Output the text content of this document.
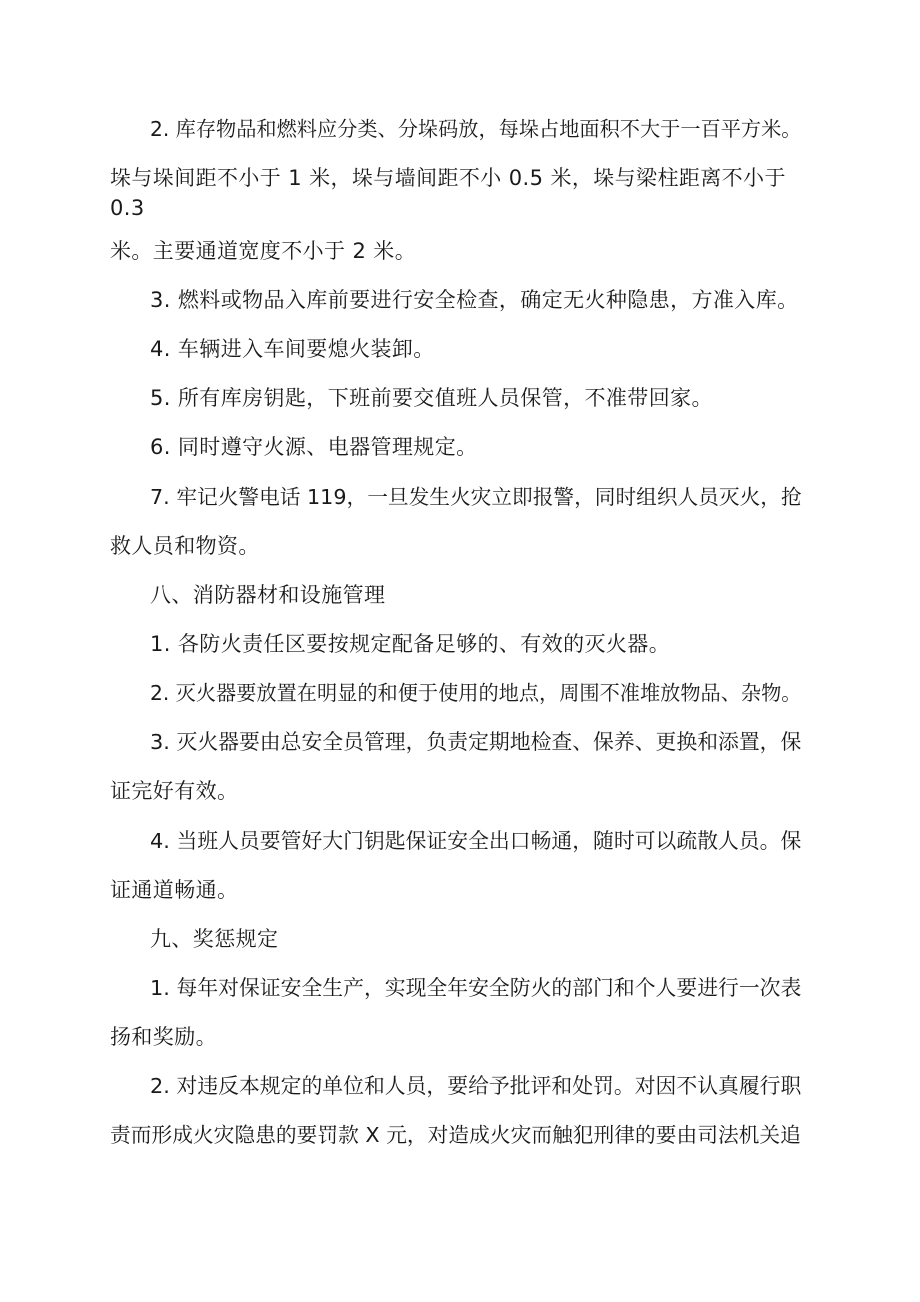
2. 库存物品和燃料应分类、分垛码放，每垛占地面积不大于一百平方米。
垛与垛间距不小于 1 米，垛与墙间距不小 0.5 米，垛与梁柱距离不小于
0.3
米。主要通道宽度不小于 2 米。
3. 燃料或物品入库前要进行安全检查，确定无火种隐患，方准入库。
4. 车辆进入车间要熄火装卸。
5. 所有库房钥匙，下班前要交值班人员保管，不准带回家。
6. 同时遵守火源、电器管理规定。
7. 牢记火警电话 119，一旦发生火灾立即报警，同时组织人员灭火，抢
救人员和物资。
八、消防器材和设施管理
1. 各防火责任区要按规定配备足够的、有效的灭火器。
2. 灭火器要放置在明显的和便于使用的地点，周围不准堆放物品、杂物。
3. 灭火器要由总安全员管理，负责定期地检查、保养、更换和添置，保
证完好有效。
4. 当班人员要管好大门钥匙保证安全出口畅通，随时可以疏散人员。保
证通道畅通。
九、奖惩规定
1. 每年对保证安全生产，实现全年安全防火的部门和个人要进行一次表
扬和奖励。
2. 对违反本规定的单位和人员，要给予批评和处罚。对因不认真履行职
责而形成火灾隐患的要罚款 X 元，对造成火灾而触犯刑律的要由司法机关追
